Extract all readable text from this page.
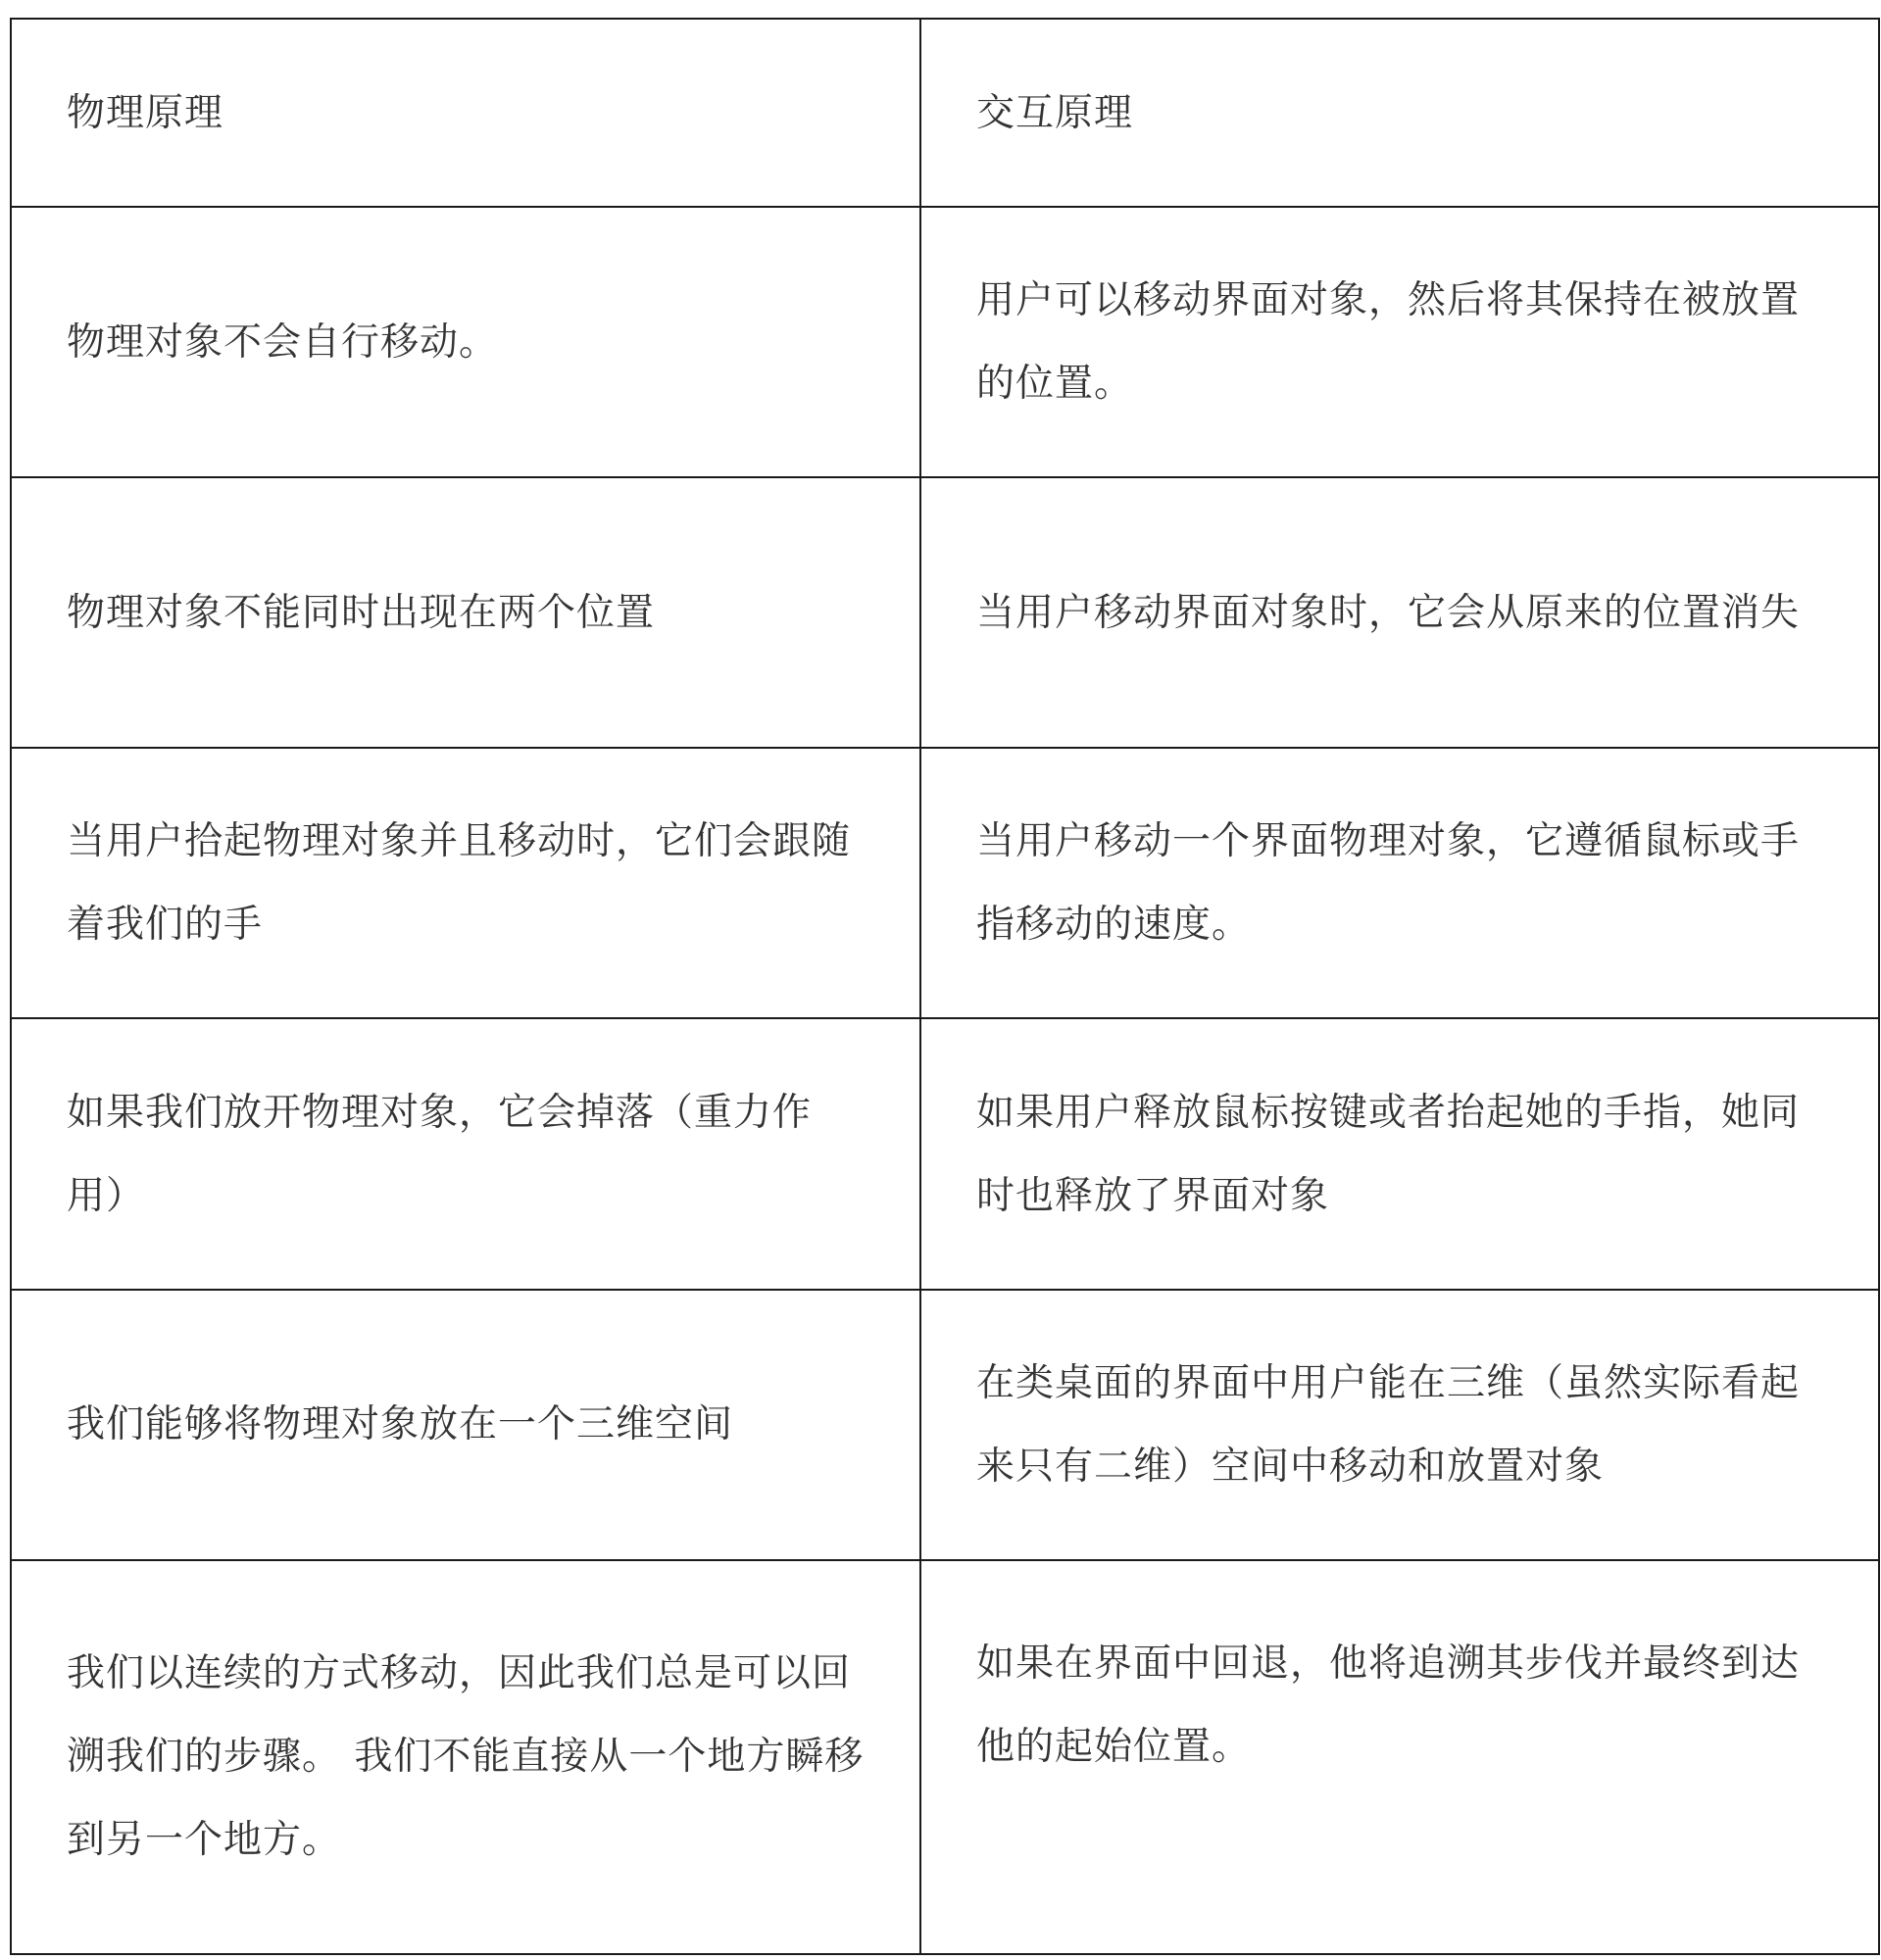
物理原理	交互原理
物理对象不会自行移动。	用户可以移动界面对象，然后将其保持在被放置的位置。
物理对象不能同时出现在两个位置	当用户移动界面对象时，它会从原来的位置消失
当用户拾起物理对象并且移动时，它们会跟随着我们的手	当用户移动一个界面物理对象，它遵循鼠标或手指移动的速度。
如果我们放开物理对象，它会掉落（重力作用）	如果用户释放鼠标按键或者抬起她的手指，她同时也释放了界面对象
我们能够将物理对象放在一个三维空间	在类桌面的界面中用户能在三维（虽然实际看起来只有二维）空间中移动和放置对象
我们以连续的方式移动，因此我们总是可以回溯我们的步骤。 我们不能直接从一个地方瞬移到另一个地方。	如果在界面中回退，他将追溯其步伐并最终到达他的起始位置。
